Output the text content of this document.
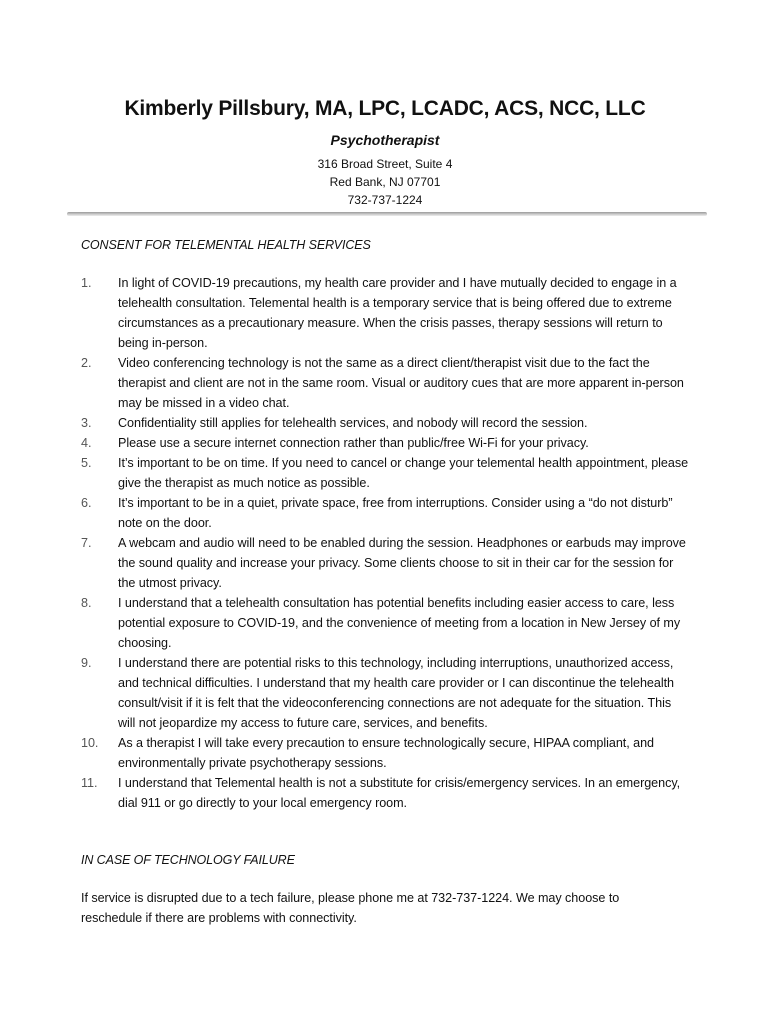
Kimberly Pillsbury, MA, LPC, LCADC, ACS, NCC, LLC
Psychotherapist
316 Broad Street, Suite 4
Red Bank, NJ 07701
732-737-1224
CONSENT FOR TELEMENTAL HEALTH SERVICES
1. In light of COVID-19 precautions, my health care provider and I have mutually decided to engage in a telehealth consultation. Telemental health is a temporary service that is being offered due to extreme circumstances as a precautionary measure. When the crisis passes, therapy sessions will return to being in-person.
2. Video conferencing technology is not the same as a direct client/therapist visit due to the fact the therapist and client are not in the same room. Visual or auditory cues that are more apparent in-person may be missed in a video chat.
3. Confidentiality still applies for telehealth services, and nobody will record the session.
4. Please use a secure internet connection rather than public/free Wi-Fi for your privacy.
5. It’s important to be on time. If you need to cancel or change your telemental health appointment, please give the therapist as much notice as possible.
6. It’s important to be in a quiet, private space, free from interruptions. Consider using a “do not disturb” note on the door.
7. A webcam and audio will need to be enabled during the session. Headphones or earbuds may improve the sound quality and increase your privacy. Some clients choose to sit in their car for the session for the utmost privacy.
8. I understand that a telehealth consultation has potential benefits including easier access to care, less potential exposure to COVID-19, and the convenience of meeting from a location in New Jersey of my choosing.
9. I understand there are potential risks to this technology, including interruptions, unauthorized access, and technical difficulties. I understand that my health care provider or I can discontinue the telehealth consult/visit if it is felt that the videoconferencing connections are not adequate for the situation. This will not jeopardize my access to future care, services, and benefits.
10. As a therapist I will take every precaution to ensure technologically secure, HIPAA compliant, and environmentally private psychotherapy sessions.
11. I understand that Telemental health is not a substitute for crisis/emergency services. In an emergency, dial 911 or go directly to your local emergency room.
IN CASE OF TECHNOLOGY FAILURE
If service is disrupted due to a tech failure, please phone me at 732-737-1224. We may choose to reschedule if there are problems with connectivity.
